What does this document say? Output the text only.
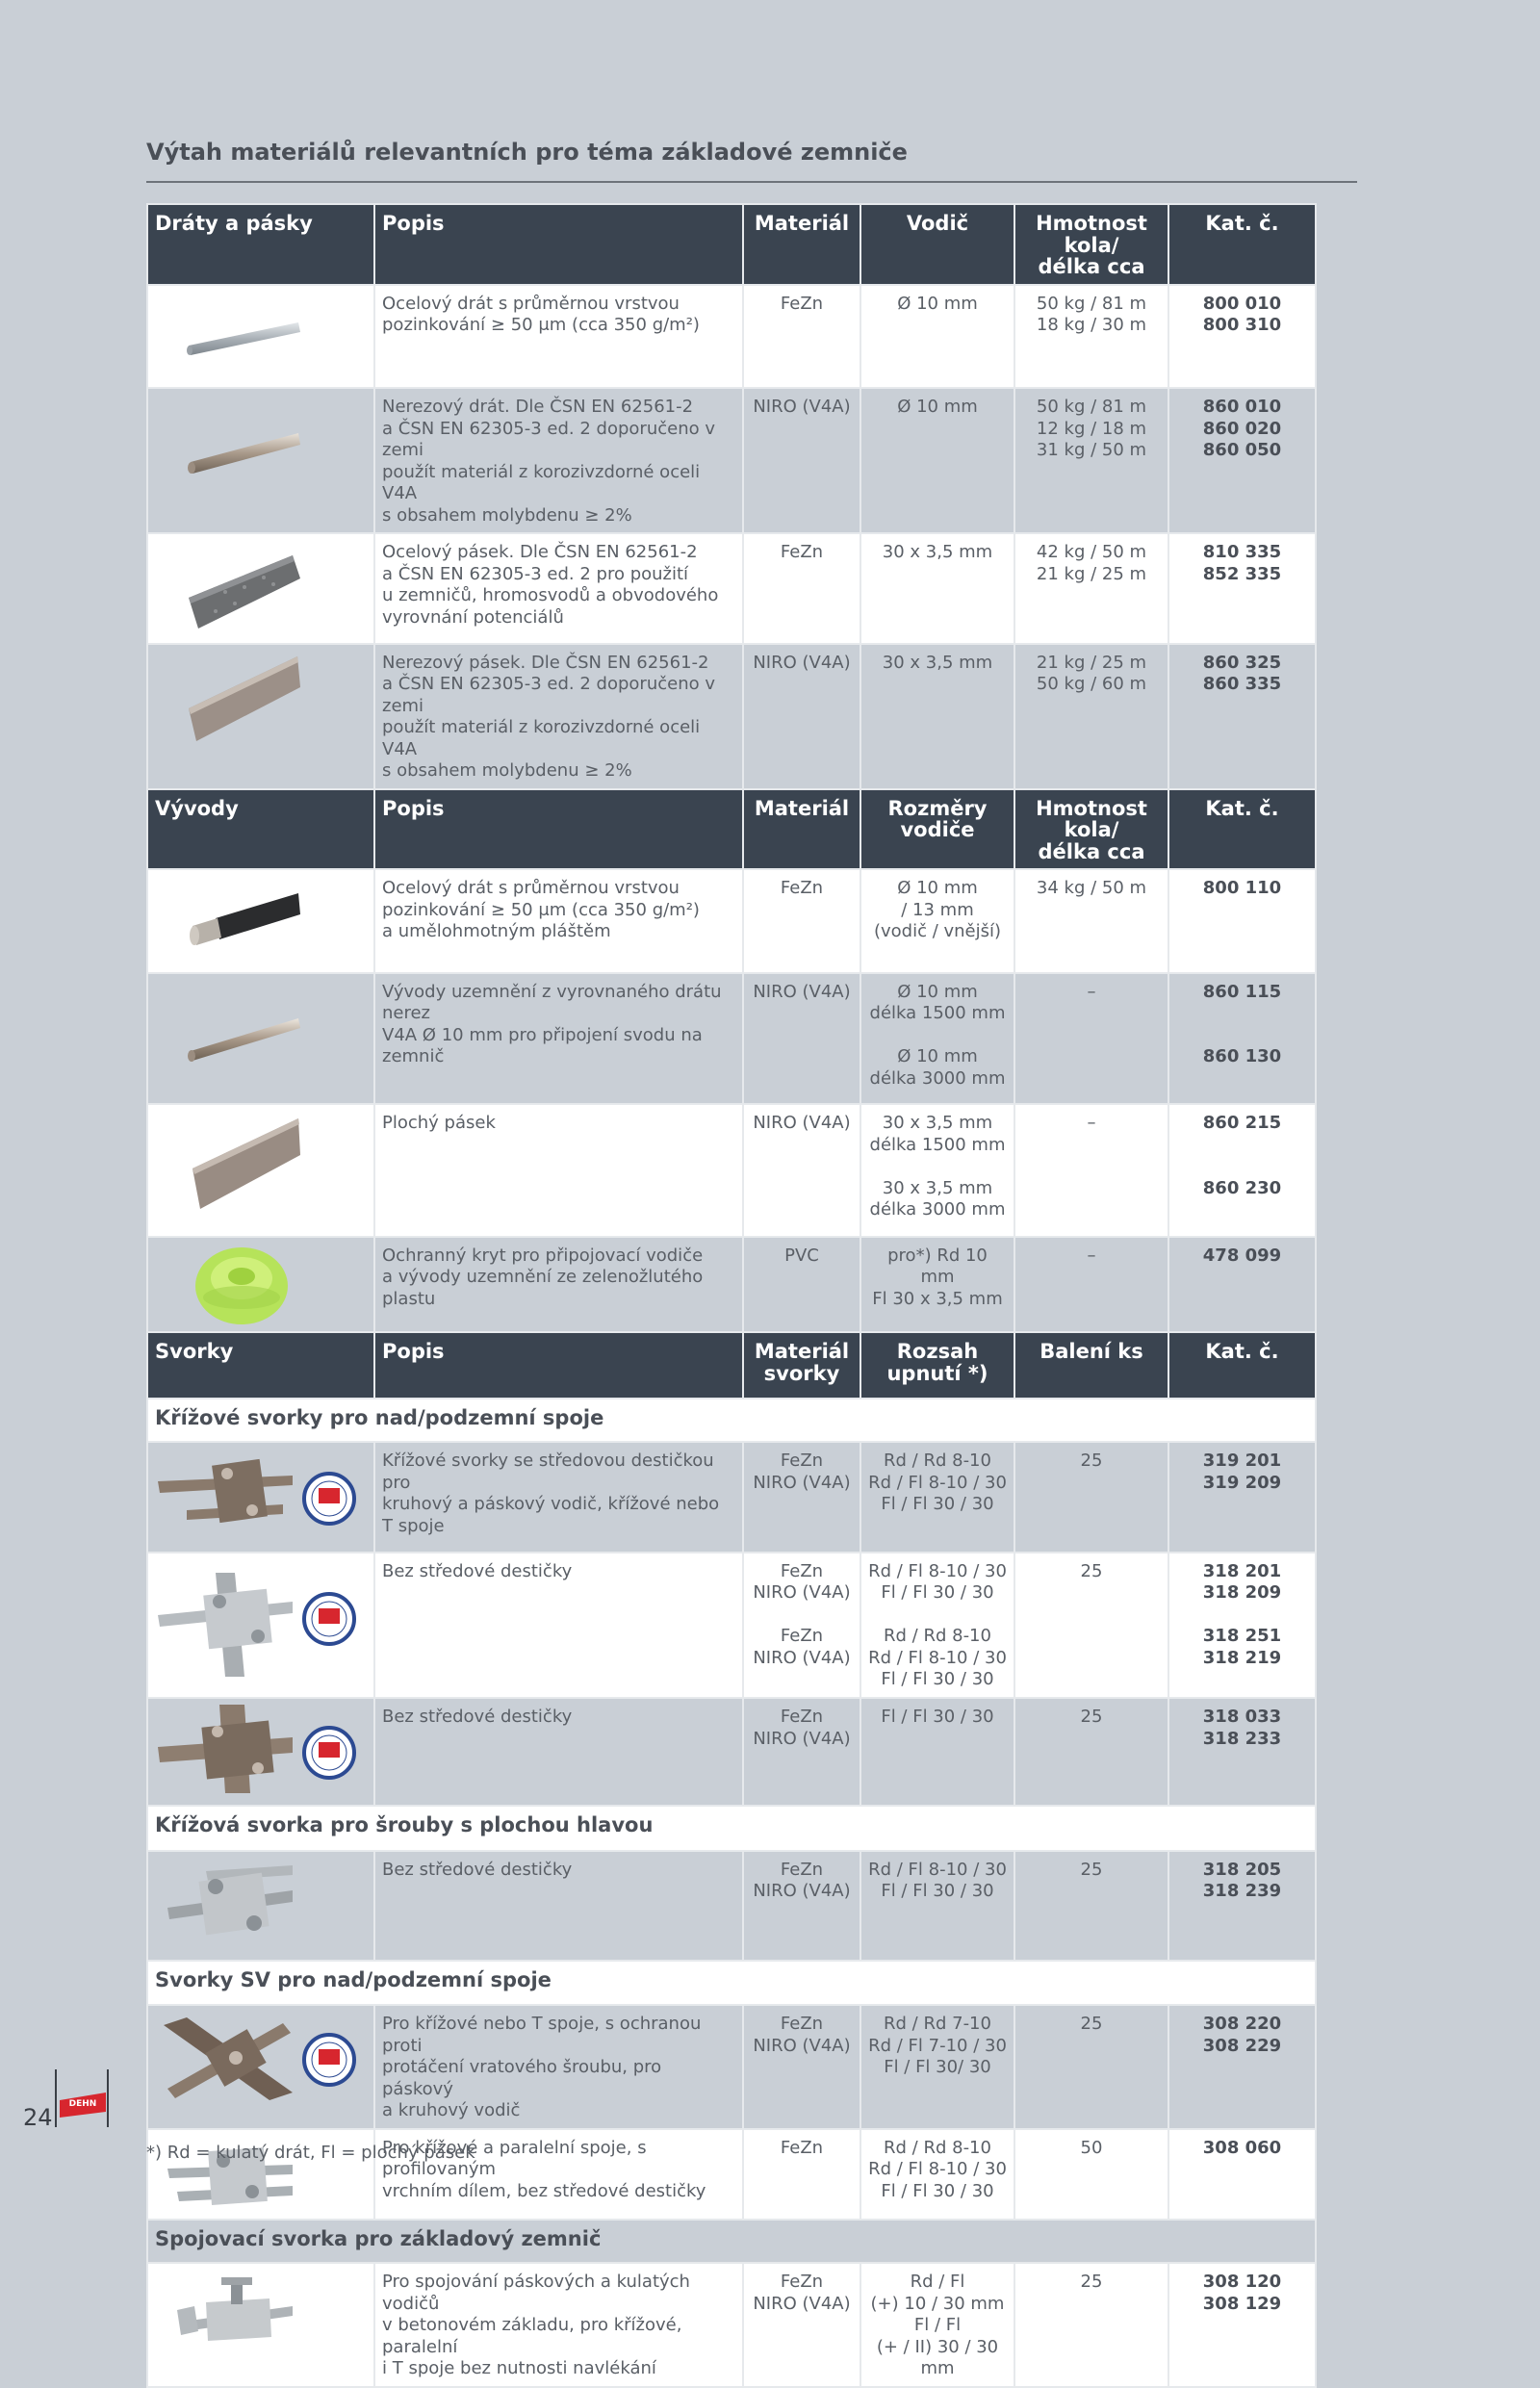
Výtah materiálů relevantních pro téma základové zemniče
Dráty a pásky	Popis	Materiál	Vodič	Hmotnost kola/
délka cca	Kat. č.
	Ocelový drát s průměrnou vrstvou
pozinkování ≥ 50 μm (cca 350 g/m²)	FeZn	Ø 10 mm	50 kg / 81 m
18 kg / 30 m	800 010
800 310
	Nerezový drát. Dle ČSN EN 62561-2
a ČSN EN 62305-3 ed. 2 doporučeno v zemi
použít materiál z korozivzdorné oceli V4A
s obsahem molybdenu ≥ 2%	NIRO (V4A)	Ø 10 mm	50 kg / 81 m
12 kg / 18 m
31 kg / 50 m	860 010
860 020
860 050
	Ocelový pásek. Dle ČSN EN 62561-2
a ČSN EN 62305-3 ed. 2 pro použití
u zemničů, hromosvodů a obvodového
vyrovnání potenciálů	FeZn	30 x 3,5 mm	42 kg / 50 m
21 kg / 25 m	810 335
852 335
	Nerezový pásek. Dle ČSN EN 62561-2
a ČSN EN 62305-3 ed. 2 doporučeno v zemi
použít materiál z korozivzdorné oceli V4A
s obsahem molybdenu ≥ 2%	NIRO (V4A)	30 x 3,5 mm	21 kg / 25 m
50 kg / 60 m	860 325
860 335
Vývody	Popis	Materiál	Rozměry
vodiče	Hmotnost kola/
délka cca	Kat. č.
	Ocelový drát s průměrnou vrstvou
pozinkování ≥ 50 μm (cca 350 g/m²)
a umělohmotným pláštěm	FeZn	Ø 10 mm
/ 13 mm
(vodič / vnější)	34 kg / 50 m	800 110
	Vývody uzemnění z vyrovnaného drátu nerez
V4A Ø 10 mm pro připojení svodu na zemnič	NIRO (V4A)	Ø 10 mm
délka 1500 mm

Ø 10 mm
délka 3000 mm	–	860 115

860 130
	Plochý pásek	NIRO (V4A)	30 x 3,5 mm
délka 1500 mm

30 x 3,5 mm
délka 3000 mm	–	860 215

860 230
	Ochranný kryt pro připojovací vodiče
a vývody uzemnění ze zelenožlutého plastu	PVC	pro*) Rd 10 mm
Fl 30 x 3,5 mm	–	478 099
Svorky	Popis	Materiál
svorky	Rozsah
upnutí *)	Balení ks	Kat. č.
Křížové svorky pro nad/podzemní spoje					
	Křížové svorky se středovou destičkou pro
kruhový a páskový vodič, křížové nebo
T spoje	FeZn
NIRO (V4A)	Rd / Rd 8-10
Rd / Fl 8-10 / 30
Fl / Fl 30 / 30	25	319 201
319 209
	Bez středové destičky	FeZn
NIRO (V4A)

FeZn
NIRO (V4A)	Rd / Fl 8-10 / 30
Fl / Fl 30 / 30

Rd / Rd 8-10
Rd / Fl 8-10 / 30
Fl / Fl 30 / 30	25	318 201
318 209

318 251
318 219
	Bez středové destičky	FeZn
NIRO (V4A)	Fl / Fl 30 / 30	25	318 033
318 233
Křížová svorka pro šrouby s plochou hlavou					
	Bez středové destičky	FeZn
NIRO (V4A)	Rd / Fl 8-10 / 30
Fl / Fl 30 / 30	25	318 205
318 239
Svorky SV pro nad/podzemní spoje					
	Pro křížové nebo T spoje, s ochranou proti
protáčení vratového šroubu, pro páskový
a kruhový vodič	FeZn
NIRO (V4A)	Rd / Rd 7-10
Rd / Fl 7-10 / 30
Fl / Fl 30/ 30	25	308 220
308 229
	Pro křížové a paralelní spoje, s profilovaným
vrchním dílem, bez středové destičky	FeZn	Rd / Rd 8-10
Rd / Fl 8-10 / 30
Fl / Fl 30 / 30	50	308 060
Spojovací svorka pro základový zemnič					
	Pro spojování páskových a kulatých vodičů
v betonovém základu, pro křížové, paralelní
i T spoje bez nutnosti navlékání	FeZn
NIRO (V4A)	Rd / Fl
(+) 10 / 30 mm
Fl / Fl
(+ / II) 30 / 30 mm	25	308 120
308 129
*) Rd = kulatý drát, Fl = plochý pásek
24 DEHN
